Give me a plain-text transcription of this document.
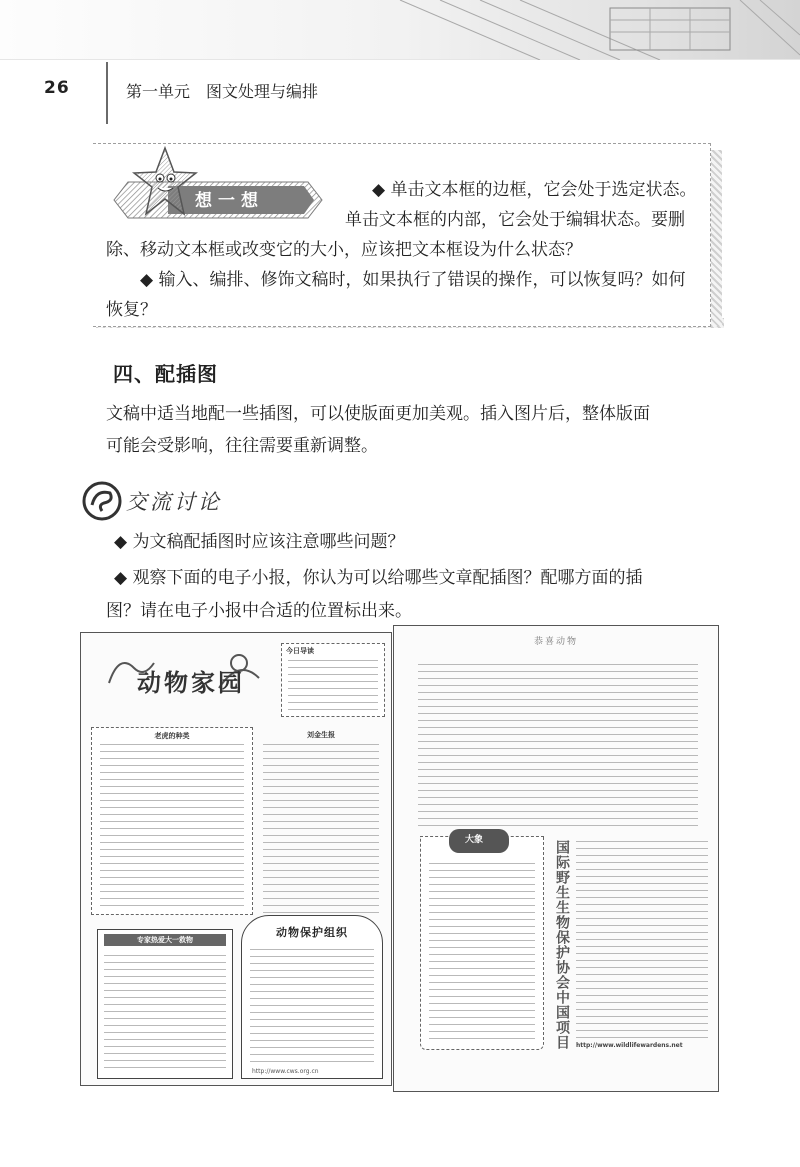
26	第一单元　图文处理与编排
想一想
◆ 单击文本框的边框，它会处于选定状态。
单击文本框的内部，它会处于编辑状态。要删
除、移动文本框或改变它的大小，应该把文本框设为什么状态？
◆ 输入、编排、修饰文稿时，如果执行了错误的操作，可以恢复吗？如何
恢复？
四、配插图
文稿中适当地配一些插图，可以使版面更加美观。插入图片后，整体版面
可能会受影响，往往需要重新调整。
交流讨论
◆ 为文稿配插图时应该注意哪些问题？
◆ 观察下面的电子小报，你认为可以给哪些文章配插图？配哪方面的插
图？请在电子小报中合适的位置标出来。
动物家园
今日导读
老虎的种类	刘金生报
专家热爱大一救物
动物保护组织
http://www.cws.org.cn
恭喜动物
大象	国际野生生物保护协会中国项目 http://www.wildlifewardens.net
